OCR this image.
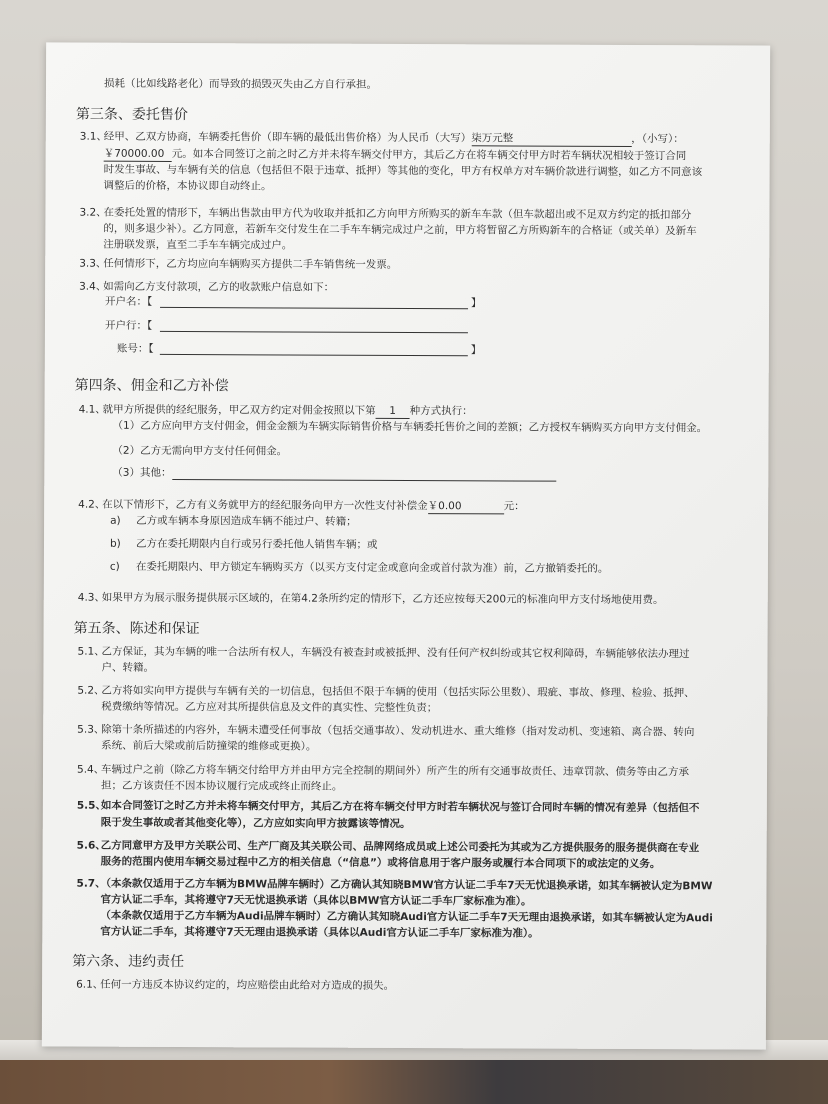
损耗（比如线路老化）而导致的损毁灭失由乙方自行承担。
第三条、委托售价
3.1、经甲、乙双方协商，车辆委托售价（即车辆的最低出售价格）为人民币（大写）柒万元整	，（小写）：
￥70000.00 元。如本合同签订之前之时乙方并未将车辆交付甲方，其后乙方在将车辆交付甲方时若车辆状况相较于签订合同
时发生事故、与车辆有关的信息（包括但不限于违章、抵押）等其他的变化，甲方有权单方对车辆价款进行调整，如乙方不同意该
调整后的价格，本协议即自动终止。
3.2、在委托处置的情形下，车辆出售款由甲方代为收取并抵扣乙方向甲方所购买的新车车款（但车款超出或不足双方约定的抵扣部分
的，则多退少补）。乙方同意，若新车交付发生在二手车车辆完成过户之前，甲方将暂留乙方所购新车的合格证（或关单）及新车
注册联发票，直至二手车车辆完成过户。
3.3、任何情形下，乙方均应向车辆购买方提供二手车销售统一发票。
3.4、如需向乙方支付款项，乙方的收款账户信息如下：
开户名：【	】
开户行：【
账号：【	】
第四条、佣金和乙方补偿
4.1、就甲方所提供的经纪服务，甲乙双方约定对佣金按照以下第 1 种方式执行：
（1）乙方应向甲方支付佣金，佣金金额为车辆实际销售价格与车辆委托售价之间的差额；乙方授权车辆购买方向甲方支付佣金。
（2）乙方无需向甲方支付任何佣金。
（3）其他：
4.2、在以下情形下，乙方有义务就甲方的经纪服务向甲方一次性支付补偿金￥0.00	元：
a) 乙方或车辆本身原因造成车辆不能过户、转籍；
b) 乙方在委托期限内自行或另行委托他人销售车辆；或
c) 在委托期限内、甲方锁定车辆购买方（以买方支付定金或意向金或首付款为准）前，乙方撤销委托的。
4.3、如果甲方为展示服务提供展示区域的，在第4.2条所约定的情形下，乙方还应按每天200元的标准向甲方支付场地使用费。
第五条、陈述和保证
5.1、乙方保证，其为车辆的唯一合法所有权人，车辆没有被查封或被抵押、没有任何产权纠纷或其它权利障碍，车辆能够依法办理过
户、转籍。
5.2、乙方将如实向甲方提供与车辆有关的一切信息，包括但不限于车辆的使用（包括实际公里数）、瑕疵、事故、修理、检验、抵押、
税费缴纳等情况。乙方应对其所提供信息及文件的真实性、完整性负责；
5.3、除第十条所描述的内容外，车辆未遭受任何事故（包括交通事故）、发动机进水、重大维修（指对发动机、变速箱、离合器、转向
系统、前后大梁或前后防撞梁的维修或更换）。
5.4、车辆过户之前（除乙方将车辆交付给甲方并由甲方完全控制的期间外）所产生的所有交通事故责任、违章罚款、债务等由乙方承
担；乙方该责任不因本协议履行完成或终止而终止。
5.5、如本合同签订之时乙方并未将车辆交付甲方，其后乙方在将车辆交付甲方时若车辆状况与签订合同时车辆的情况有差异（包括但不
限于发生事故或者其他变化等），乙方应如实向甲方披露该等情况。
5.6、乙方同意甲方及甲方关联公司、生产厂商及其关联公司、品牌网络成员或上述公司委托为其或为乙方提供服务的服务提供商在专业
服务的范围内使用车辆交易过程中乙方的相关信息（“信息”）或将信息用于客户服务或履行本合同项下的或法定的义务。
5.7、（本条款仅适用于乙方车辆为BMW品牌车辆时）乙方确认其知晓BMW官方认证二手车7天无忧退换承诺，如其车辆被认定为BMW
官方认证二手车，其将遵守7天无忧退换承诺（具体以BMW官方认证二手车厂家标准为准）。
（本条款仅适用于乙方车辆为Audi品牌车辆时）乙方确认其知晓Audi官方认证二手车7天无理由退换承诺，如其车辆被认定为Audi
官方认证二手车，其将遵守7天无理由退换承诺（具体以Audi官方认证二手车厂家标准为准）。
第六条、违约责任
6.1、任何一方违反本协议约定的，均应赔偿由此给对方造成的损失。
